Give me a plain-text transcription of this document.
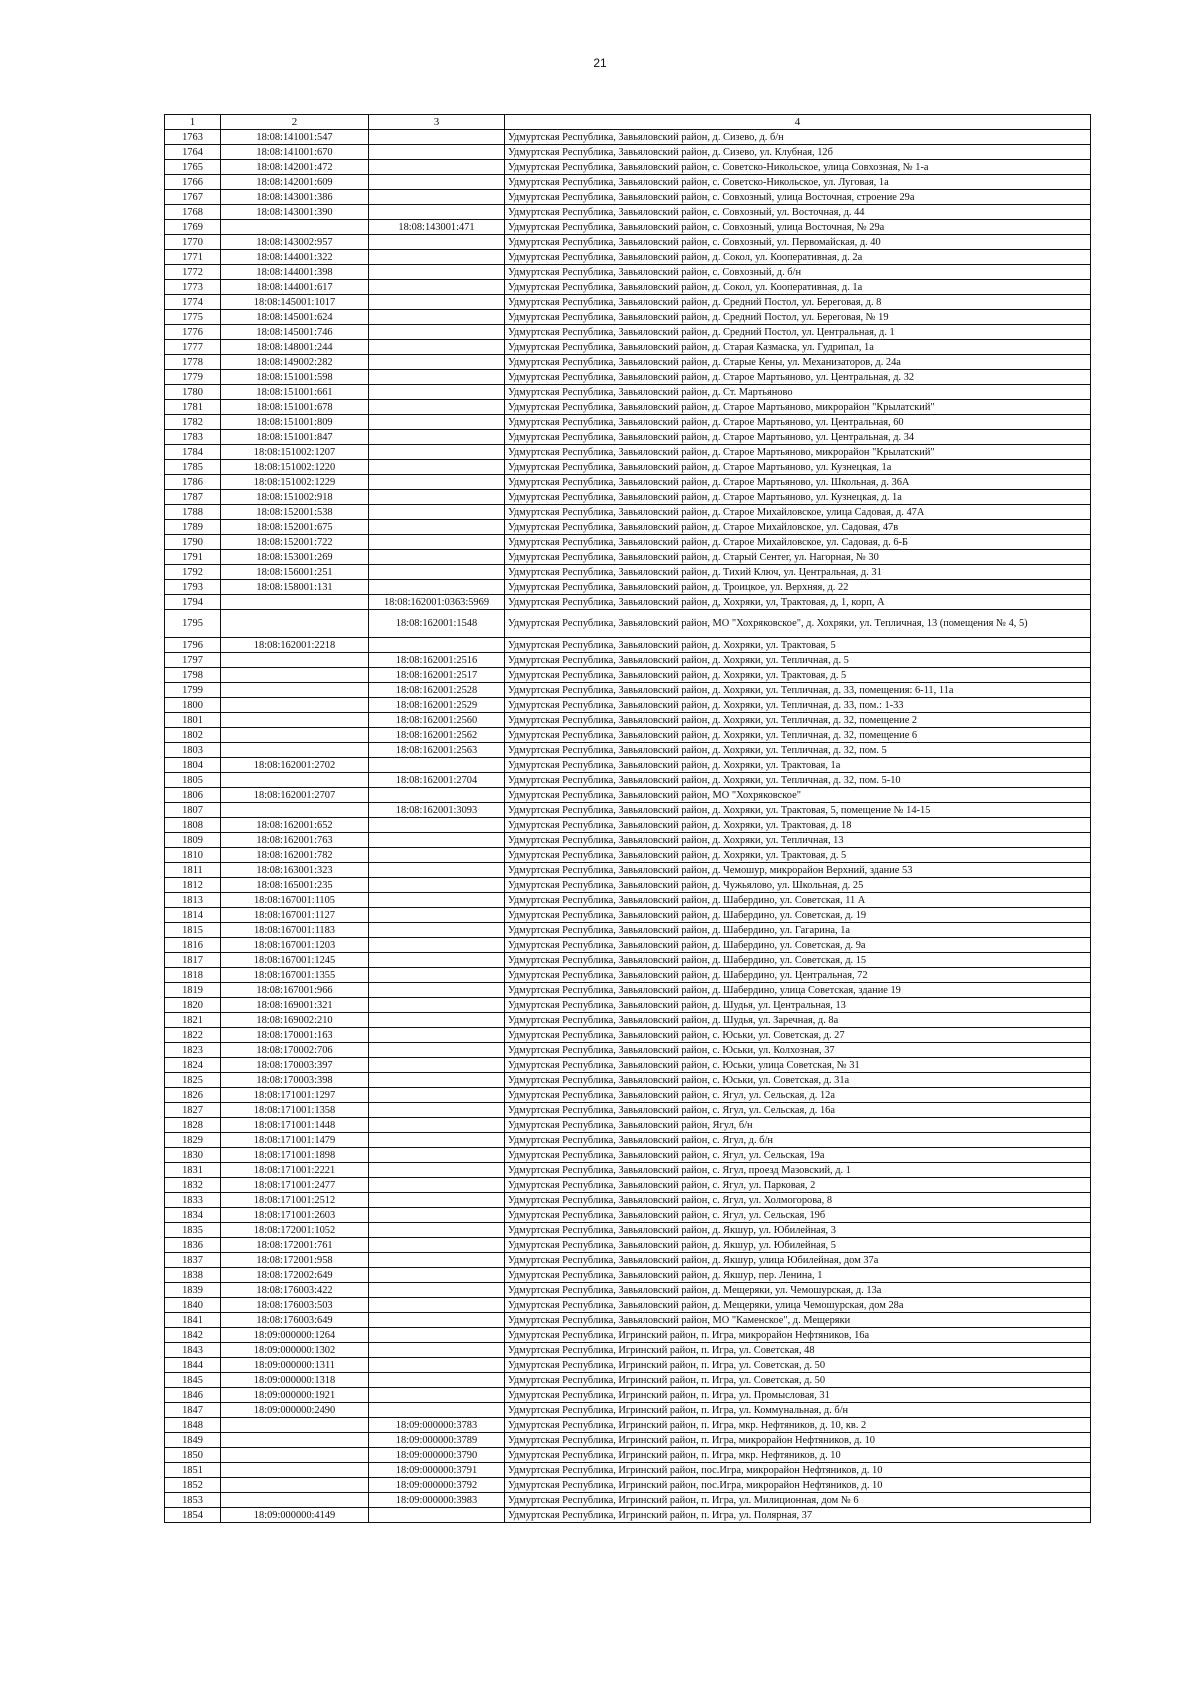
21
1	2	3	4
1763	18:08:141001:547		Удмуртская Республика, Завьяловский район, д. Сизево, д. б/н
1764	18:08:141001:670		Удмуртская Республика, Завьяловский район, д. Сизево, ул. Клубная, 12б
1765	18:08:142001:472		Удмуртская Республика, Завьяловский район, с. Советско-Никольское, улица Совхозная, № 1-а
1766	18:08:142001:609		Удмуртская Республика, Завьяловский район, с. Советско-Никольское, ул. Луговая, 1а
1767	18:08:143001:386		Удмуртская Республика, Завьяловский район, с. Совхозный, улица Восточная, строение 29а
1768	18:08:143001:390		Удмуртская Республика, Завьяловский район, с. Совхозный, ул. Восточная, д. 44
1769		18:08:143001:471	Удмуртская Республика, Завьяловский район, с. Совхозный, улица Восточная, № 29а
1770	18:08:143002:957		Удмуртская Республика, Завьяловский район, с. Совхозный, ул. Первомайская, д. 40
1771	18:08:144001:322		Удмуртская Республика, Завьяловский район, д. Сокол, ул. Кооперативная, д. 2а
1772	18:08:144001:398		Удмуртская Республика, Завьяловский район, с. Совхозный, д. б/н
1773	18:08:144001:617		Удмуртская Республика, Завьяловский район, д. Сокол, ул. Кооперативная, д. 1а
1774	18:08:145001:1017		Удмуртская Республика, Завьяловский район, д. Средний Постол, ул. Береговая, д. 8
1775	18:08:145001:624		Удмуртская Республика, Завьяловский район, д. Средний Постол, ул. Береговая, № 19
1776	18:08:145001:746		Удмуртская Республика, Завьяловский район, д. Средний Постол, ул. Центральная, д. 1
1777	18:08:148001:244		Удмуртская Республика, Завьяловский район, д. Старая Казмаска, ул. Гудрипал, 1а
1778	18:08:149002:282		Удмуртская Республика, Завьяловский район, д. Старые Кены, ул. Механизаторов, д. 24а
1779	18:08:151001:598		Удмуртская Республика, Завьяловский район, д. Старое Мартьяново, ул. Центральная, д. 32
1780	18:08:151001:661		Удмуртская Республика, Завьяловский район, д. Ст. Мартьяново
1781	18:08:151001:678		Удмуртская Республика, Завьяловский район, д. Старое Мартьяново, микрорайон "Крылатский"
1782	18:08:151001:809		Удмуртская Республика, Завьяловский район, д. Старое Мартьяново, ул. Центральная, 60
1783	18:08:151001:847		Удмуртская Республика, Завьяловский район, д. Старое Мартьяново, ул. Центральная, д. 34
1784	18:08:151002:1207		Удмуртская Республика, Завьяловский район, д. Старое Мартьяново, микрорайон "Крылатский"
1785	18:08:151002:1220		Удмуртская Республика, Завьяловский район, д. Старое Мартьяново, ул. Кузнецкая, 1а
1786	18:08:151002:1229		Удмуртская Республика, Завьяловский район, д. Старое Мартьяново, ул. Школьная, д. 36А
1787	18:08:151002:918		Удмуртская Республика, Завьяловский район, д. Старое Мартьяново, ул. Кузнецкая, д. 1а
1788	18:08:152001:538		Удмуртская Республика, Завьяловский район, д. Старое Михайловское, улица Садовая, д. 47А
1789	18:08:152001:675		Удмуртская Республика, Завьяловский район, д. Старое Михайловское, ул. Садовая, 47в
1790	18:08:152001:722		Удмуртская Республика, Завьяловский район, д. Старое Михайловское, ул. Садовая, д. 6-Б
1791	18:08:153001:269		Удмуртская Республика, Завьяловский район, д. Старый Сентег, ул. Нагорная, № 30
1792	18:08:156001:251		Удмуртская Республика, Завьяловский район, д. Тихий Ключ, ул. Центральная, д. 31
1793	18:08:158001:131		Удмуртская Республика, Завьяловский район, д. Троицкое, ул. Верхняя, д. 22
1794		18:08:162001:0363:5969	Удмуртская Республика, Завьяловский район, д, Хохряки, ул, Трактовая, д, 1, корп, А
1795		18:08:162001:1548	Удмуртская Республика, Завьяловский район, МО "Хохряковское", д. Хохряки, ул. Тепличная, 13 (помещения № 4, 5)
1796	18:08:162001:2218		Удмуртская Республика, Завьяловский район, д. Хохряки, ул. Трактовая, 5
1797		18:08:162001:2516	Удмуртская Республика, Завьяловский район, д. Хохряки, ул. Тепличная, д. 5
1798		18:08:162001:2517	Удмуртская Республика, Завьяловский район, д. Хохряки, ул. Трактовая, д. 5
1799		18:08:162001:2528	Удмуртская Республика, Завьяловский район, д. Хохряки, ул. Тепличная, д. 33, помещения: 6-11, 11а
1800		18:08:162001:2529	Удмуртская Республика, Завьяловский район, д. Хохряки, ул. Тепличная, д. 33, пом.: 1-33
1801		18:08:162001:2560	Удмуртская Республика, Завьяловский район, д. Хохряки, ул. Тепличная, д. 32, помещение 2
1802		18:08:162001:2562	Удмуртская Республика, Завьяловский район, д. Хохряки, ул. Тепличная, д. 32, помещение 6
1803		18:08:162001:2563	Удмуртская Республика, Завьяловский район, д. Хохряки, ул. Тепличная, д. 32, пом. 5
1804	18:08:162001:2702		Удмуртская Республика, Завьяловский район, д. Хохряки, ул. Трактовая, 1а
1805		18:08:162001:2704	Удмуртская Республика, Завьяловский район, д. Хохряки, ул. Тепличная, д. 32, пом. 5-10
1806	18:08:162001:2707		Удмуртская Республика, Завьяловский район, МО "Хохряковское"
1807		18:08:162001:3093	Удмуртская Республика, Завьяловский район, д. Хохряки, ул. Трактовая, 5, помещение № 14-15
1808	18:08:162001:652		Удмуртская Республика, Завьяловский район, д. Хохряки, ул. Трактовая, д. 18
1809	18:08:162001:763		Удмуртская Республика, Завьяловский район, д. Хохряки, ул. Тепличная, 13
1810	18:08:162001:782		Удмуртская Республика, Завьяловский район, д. Хохряки, ул. Трактовая, д. 5
1811	18:08:163001:323		Удмуртская Республика, Завьяловский район, д. Чемошур, микрорайон Верхний, здание 53
1812	18:08:165001:235		Удмуртская Республика, Завьяловский район, д. Чужьялово, ул. Школьная, д. 25
1813	18:08:167001:1105		Удмуртская Республика, Завьяловский район, д. Шабердино, ул. Советская, 11 А
1814	18:08:167001:1127		Удмуртская Республика, Завьяловский район, д. Шабердино, ул. Советская, д. 19
1815	18:08:167001:1183		Удмуртская Республика, Завьяловский район, д. Шабердино, ул. Гагарина, 1а
1816	18:08:167001:1203		Удмуртская Республика, Завьяловский район, д. Шабердино, ул. Советская, д. 9а
1817	18:08:167001:1245		Удмуртская Республика, Завьяловский район, д. Шабердино, ул. Советская, д. 15
1818	18:08:167001:1355		Удмуртская Республика, Завьяловский район, д. Шабердино, ул. Центральная, 72
1819	18:08:167001:966		Удмуртская Республика, Завьяловский район, д. Шабердино, улица Советская, здание 19
1820	18:08:169001:321		Удмуртская Республика, Завьяловский район, д. Шудья, ул. Центральная, 13
1821	18:08:169002:210		Удмуртская Республика, Завьяловский район, д. Шудья, ул. Заречная, д. 8а
1822	18:08:170001:163		Удмуртская Республика, Завьяловский район, с. Юськи, ул. Советская, д. 27
1823	18:08:170002:706		Удмуртская Республика, Завьяловский район, с. Юськи, ул. Колхозная, 37
1824	18:08:170003:397		Удмуртская Республика, Завьяловский район, с. Юськи, улица Советская, № 31
1825	18:08:170003:398		Удмуртская Республика, Завьяловский район, с. Юськи, ул. Советская, д. 31а
1826	18:08:171001:1297		Удмуртская Республика, Завьяловский район, с. Ягул, ул. Сельская, д. 12а
1827	18:08:171001:1358		Удмуртская Республика, Завьяловский район, с. Ягул, ул. Сельская, д. 16а
1828	18:08:171001:1448		Удмуртская Республика, Завьяловский район, Ягул, б/н
1829	18:08:171001:1479		Удмуртская Республика, Завьяловский район, с. Ягул, д. б/н
1830	18:08:171001:1898		Удмуртская Республика, Завьяловский район, с. Ягул, ул. Сельская, 19а
1831	18:08:171001:2221		Удмуртская Республика, Завьяловский район, с. Ягул, проезд Мазовский, д. 1
1832	18:08:171001:2477		Удмуртская Республика, Завьяловский район, с. Ягул, ул. Парковая, 2
1833	18:08:171001:2512		Удмуртская Республика, Завьяловский район, с. Ягул, ул. Холмогорова, 8
1834	18:08:171001:2603		Удмуртская Республика, Завьяловский район, с. Ягул, ул. Сельская, 19б
1835	18:08:172001:1052		Удмуртская Республика, Завьяловский район, д. Якшур, ул. Юбилейная, 3
1836	18:08:172001:761		Удмуртская Республика, Завьяловский район, д. Якшур, ул. Юбилейная, 5
1837	18:08:172001:958		Удмуртская Республика, Завьяловский район, д. Якшур, улица Юбилейная, дом 37а
1838	18:08:172002:649		Удмуртская Республика, Завьяловский район, д. Якшур, пер. Ленина, 1
1839	18:08:176003:422		Удмуртская Республика, Завьяловский район, д. Мещеряки, ул. Чемошурская, д. 13а
1840	18:08:176003:503		Удмуртская Республика, Завьяловский район, д. Мещеряки, улица Чемошурская, дом 28а
1841	18:08:176003:649		Удмуртская Республика, Завьяловский район, МО "Каменское", д. Мещеряки
1842	18:09:000000:1264		Удмуртская Республика, Игринский район, п. Игра, микрорайон Нефтяников, 16а
1843	18:09:000000:1302		Удмуртская Республика, Игринский район, п. Игра, ул. Советская, 48
1844	18:09:000000:1311		Удмуртская Республика, Игринский район, п. Игра, ул. Советская, д. 50
1845	18:09:000000:1318		Удмуртская Республика, Игринский район, п. Игра, ул. Советская, д. 50
1846	18:09:000000:1921		Удмуртская Республика, Игринский район, п. Игра, ул. Промысловая, 31
1847	18:09:000000:2490		Удмуртская Республика, Игринский район, п. Игра, ул. Коммунальная, д. б/н
1848		18:09:000000:3783	Удмуртская Республика, Игринский район, п. Игра, мкр. Нефтяников, д. 10, кв. 2
1849		18:09:000000:3789	Удмуртская Республика, Игринский район, п. Игра, микрорайон Нефтяников, д. 10
1850		18:09:000000:3790	Удмуртская Республика, Игринский район, п. Игра, мкр. Нефтяников, д. 10
1851		18:09:000000:3791	Удмуртская Республика, Игринский район, пос.Игра, микрорайон Нефтяников, д. 10
1852		18:09:000000:3792	Удмуртская Республика, Игринский район, пос.Игра, микрорайон Нефтяников, д. 10
1853		18:09:000000:3983	Удмуртская Республика, Игринский район, п. Игра, ул. Милиционная, дом № 6
1854	18:09:000000:4149		Удмуртская Республика, Игринский район, п. Игра, ул. Полярная, 37
